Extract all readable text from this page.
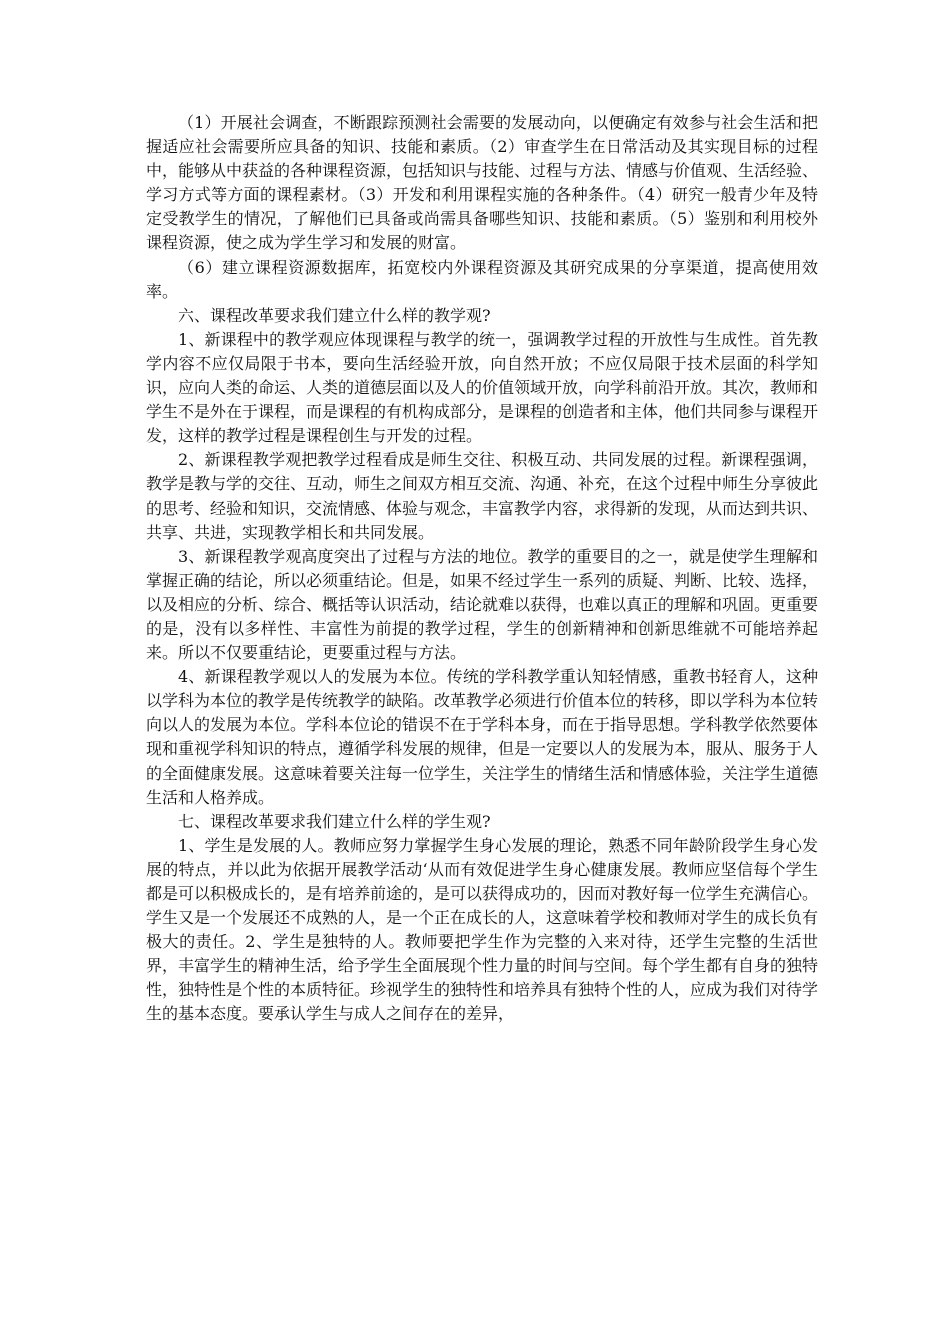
（1）开展社会调查，不断跟踪预测社会需要的发展动向，以便确定有效参与社会生活和把握适应社会需要所应具备的知识、技能和素质。（2）审查学生在日常活动及其实现目标的过程中，能够从中获益的各种课程资源，包括知识与技能、过程与方法、情感与价值观、生活经验、学习方式等方面的课程素材。（3）开发和利用课程实施的各种条件。（4）研究一般青少年及特定受教学生的情况，了解他们已具备或尚需具备哪些知识、技能和素质。（5）鉴别和利用校外课程资源，使之成为学生学习和发展的财富。

（6）建立课程资源数据库，拓宽校内外课程资源及其研究成果的分享渠道，提高使用效率。

六、课程改革要求我们建立什么样的教学观?

1、新课程中的教学观应体现课程与教学的统一，强调教学过程的开放性与生成性。首先教学内容不应仅局限于书本，要向生活经验开放，向自然开放；不应仅局限于技术层面的科学知识，应向人类的命运、人类的道德层面以及人的价值领域开放，向学科前沿开放。其次，教师和学生不是外在于课程，而是课程的有机构成部分，是课程的创造者和主体，他们共同参与课程开发，这样的教学过程是课程创生与开发的过程。

2、新课程教学观把教学过程看成是师生交往、积极互动、共同发展的过程。新课程强调，教学是教与学的交往、互动，师生之间双方相互交流、沟通、补充，在这个过程中师生分享彼此的思考、经验和知识，交流情感、体验与观念，丰富教学内容，求得新的发现，从而达到共识、共享、共进，实现教学相长和共同发展。

3、新课程教学观高度突出了过程与方法的地位。教学的重要目的之一，就是使学生理解和掌握正确的结论，所以必须重结论。但是，如果不经过学生一系列的质疑、判断、比较、选择，以及相应的分析、综合、概括等认识活动，结论就难以获得，也难以真正的理解和巩固。更重要的是，没有以多样性、丰富性为前提的教学过程，学生的创新精神和创新思维就不可能培养起来。所以不仅要重结论，更要重过程与方法。

4、新课程教学观以人的发展为本位。传统的学科教学重认知轻情感，重教书轻育人，这种以学科为本位的教学是传统教学的缺陷。改革教学必须进行价值本位的转移，即以学科为本位转向以人的发展为本位。学科本位论的错误不在于学科本身，而在于指导思想。学科教学依然要体现和重视学科知识的特点，遵循学科发展的规律，但是一定要以人的发展为本，服从、服务于人的全面健康发展。这意味着要关注每一位学生，关注学生的情绪生活和情感体验，关注学生道德生活和人格养成。

七、课程改革要求我们建立什么样的学生观?

1、学生是发展的人。教师应努力掌握学生身心发展的理论，熟悉不同年龄阶段学生身心发展的特点，并以此为依据开展教学活动‘从而有效促进学生身心健康发展。教师应坚信每个学生都是可以积极成长的，是有培养前途的，是可以获得成功的，因而对教好每一位学生充满信心。学生又是一个发展还不成熟的人，是一个正在成长的人，这意味着学校和教师对学生的成长负有极大的责任。2、学生是独特的人。教师要把学生作为完整的入来对待，还学生完整的生活世界，丰富学生的精神生活，给予学生全面展现个性力量的时间与空间。每个学生都有自身的独特性，独特性是个性的本质特征。珍视学生的独特性和培养具有独特个性的人，应成为我们对待学生的基本态度。要承认学生与成人之间存在的差异，
